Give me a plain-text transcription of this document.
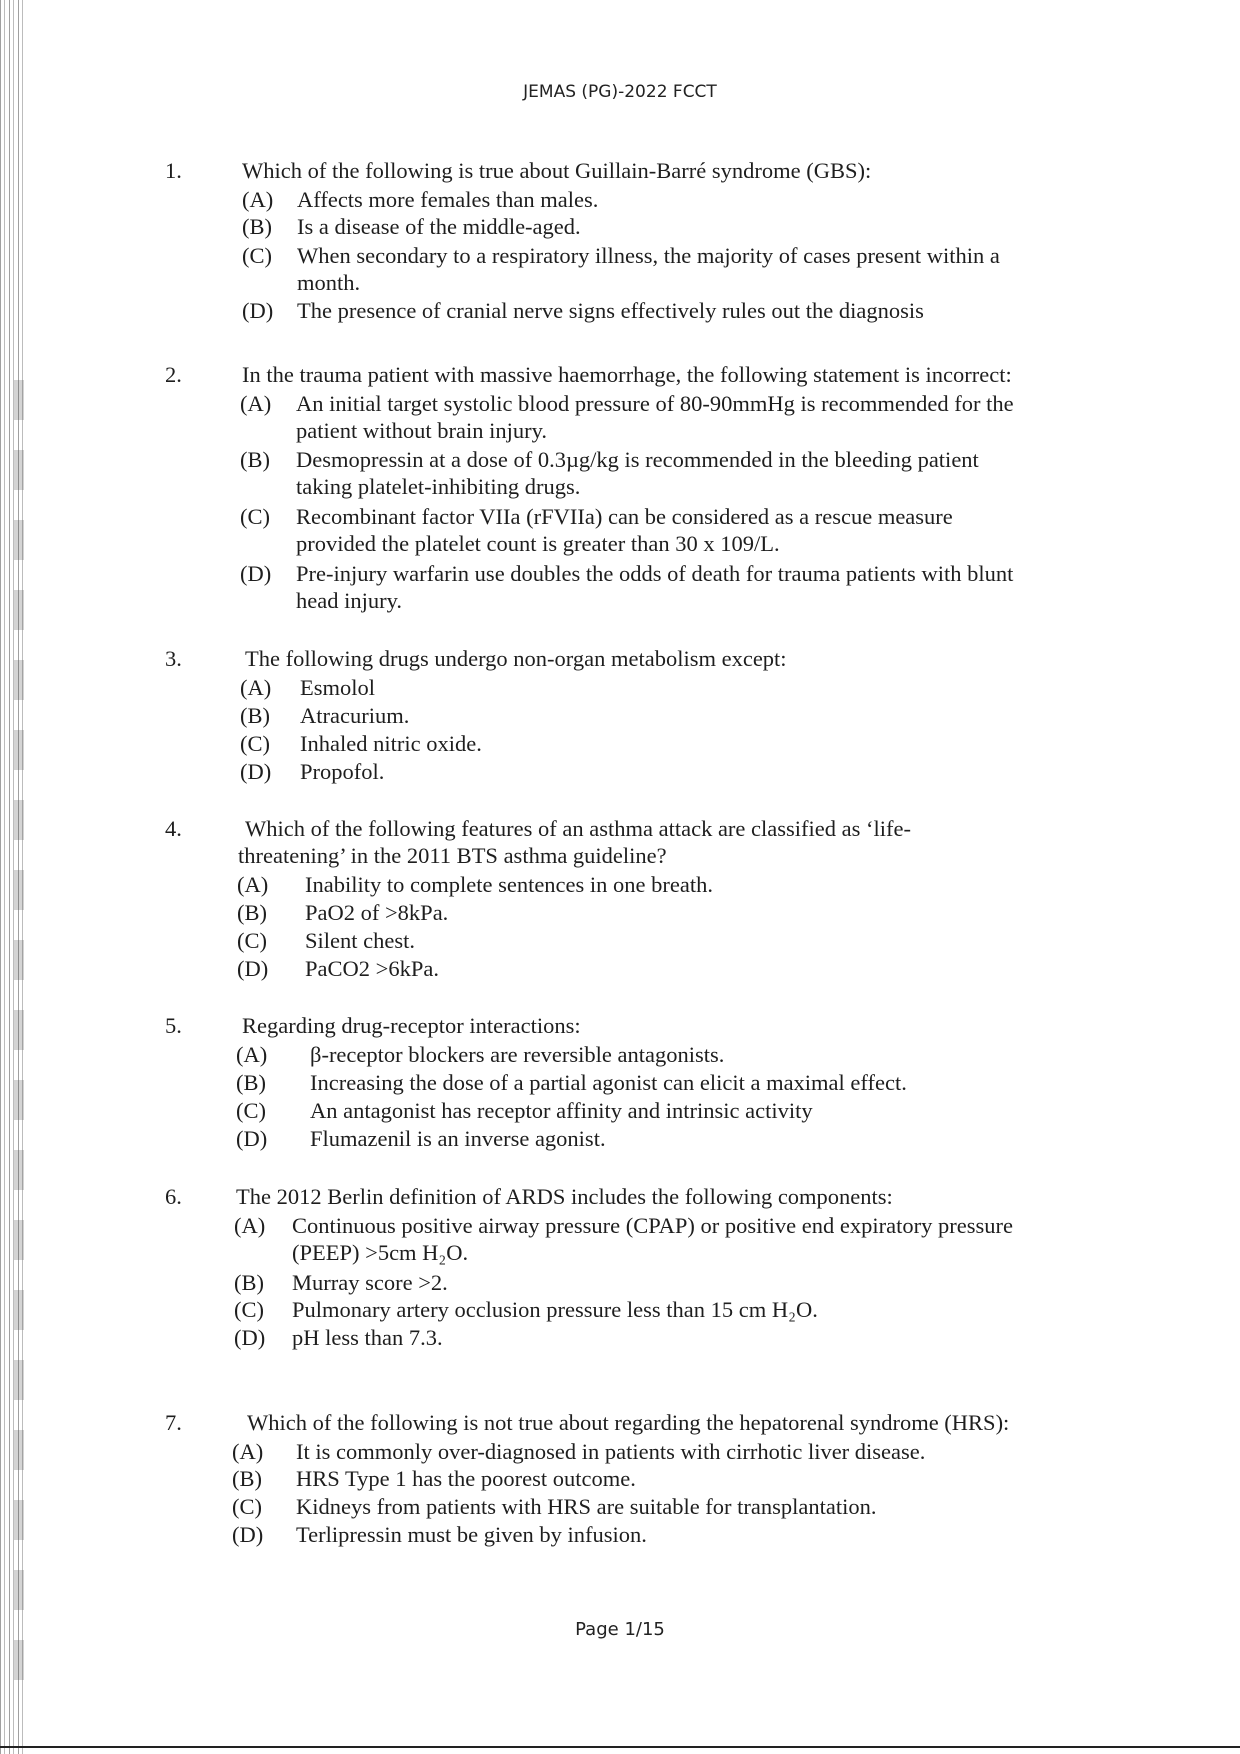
JEMAS (PG)-2022 FCCT
1.	Which of the following is true about Guillain-Barré syndrome (GBS):
(A) Affects more females than males.
(B) Is a disease of the middle-aged.
(C) When secondary to a respiratory illness, the majority of cases present within a
month.
(D) The presence of cranial nerve signs effectively rules out the diagnosis
2.	In the trauma patient with massive haemorrhage, the following statement is incorrect:
(A) An initial target systolic blood pressure of 80-90mmHg is recommended for the
patient without brain injury.
(B) Desmopressin at a dose of 0.3µg/kg is recommended in the bleeding patient
taking platelet-inhibiting drugs.
(C) Recombinant factor VIIa (rFVIIa) can be considered as a rescue measure
provided the platelet count is greater than 30 x 109/L.
(D) Pre-injury warfarin use doubles the odds of death for trauma patients with blunt
head injury.
3.	The following drugs undergo non-organ metabolism except:
(A) Esmolol
(B) Atracurium.
(C) Inhaled nitric oxide.
(D) Propofol.
4.	Which of the following features of an asthma attack are classified as ‘life-
threatening’ in the 2011 BTS asthma guideline?
(A) Inability to complete sentences in one breath.
(B) PaO2 of >8kPa.
(C) Silent chest.
(D) PaCO2 >6kPa.
5.	Regarding drug-receptor interactions:
(A) β-receptor blockers are reversible antagonists.
(B) Increasing the dose of a partial agonist can elicit a maximal effect.
(C) An antagonist has receptor affinity and intrinsic activity
(D) Flumazenil is an inverse agonist.
6. The 2012 Berlin definition of ARDS includes the following components:
(A) Continuous positive airway pressure (CPAP) or positive end expiratory pressure
(PEEP) >5cm H₂O.
(B) Murray score >2.
(C) Pulmonary artery occlusion pressure less than 15 cm H₂O.
(D) pH less than 7.3.
7.	Which of the following is not true about regarding the hepatorenal syndrome (HRS):
(A) It is commonly over-diagnosed in patients with cirrhotic liver disease.
(B) HRS Type 1 has the poorest outcome.
(C) Kidneys from patients with HRS are suitable for transplantation.
(D) Terlipressin must be given by infusion.
Page 1/15
